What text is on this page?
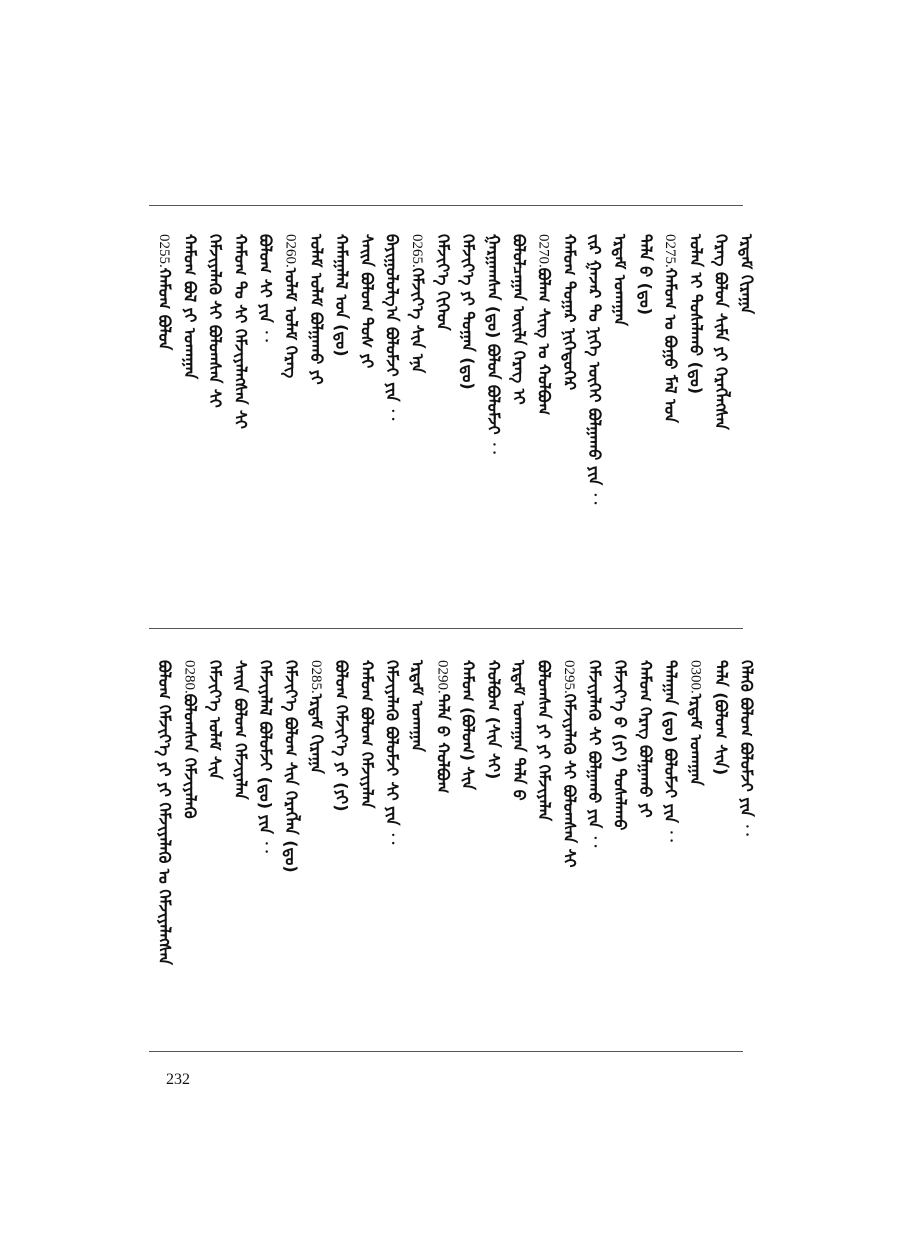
ᠡᠷᠳᠡᠮ ᠬᠢᠷᠠᠭᠠ
ᠬᠡᠷᠡᠭ ᠪᠣᠯᠤᠨ ᠰᠢᠮᠡ ᠶᠢ ᠬᠡᠷᠡᠭᠯᠡᠭᠰᠡᠨ
ᠣᠯᠠᠨ ᠢ ᠲᠤᠰᠠᠯᠠᠬᠤ (ᠳᠤ)
0275.ᠬᠠᠮᠤᠭ ᠤ ᠪᠤᠭᠤ ᠮᠠᠯ ᠤᠨ
ᠲᠠᠯᠠ ᠪ (ᠳᠤ)
ᠡᠷᠳᠡᠮ ᠤᠬᠠᠭᠠᠨ
ᠵᠢᠷ ᠭᠠᠵᠠᠷ ᠲᠤ ᠨᠢᠭᠡ ᠦᠭᠡᠢ ᠪᠣᠯᠭᠠᠬᠤ ᠶᠢᠨ ︰
ᠬᠠᠮᠤᠭ ᠳᠤᠭᠠᠷ ᠨᠢᠭᠡᠳᠦᠭᠡᠷ
0270.ᠪᠤᠯᠠᠭ ᠰᠢᠩ ᠤ ᠬᠣᠯᠪᠣᠭ
ᠪᠣᠯᠤᠯᠴᠠᠭᠠᠨ ᠦᠢᠯᠡ ᠬᠡᠷᠡᠭ ᠢ
ᠭᠠᠷᠭᠠᠭᠰᠠᠨ (ᠳᠤ) ᠪᠣᠯᠤᠨ ᠪᠣᠯᠤᠮᠵᠢ ︰
ᠬᠡᠮᠵᠢᠶ᠎ᠡ ᠶᠢ ᠲᠣᠭᠠᠨ (ᠳᠤ)
ᠬᠡᠮᠵᠢᠶ᠎ᠡ ᠬᠢᠭᠡᠳ
0265.ᠬᠡᠮᠵᠢᠶ᠎ᠡ ᠰᠢᠨ ᠡᠨᠡ
ᠪᠠᠶᠢᠭᠤᠯᠤᠯᠭ᠎ᠠ ᠪᠣᠯᠤᠮᠵᠢ ᠶᠢᠨ ︰
ᠰᠠᠢᠨ ᠪᠤᠯᠤᠭ ᠲᠤᠰ ᠶᠢ
ᠬᠠᠮᠠᠭᠠᠯᠠᠯ ᠤᠨ (ᠳᠤ)
ᠤᠯᠠᠮ ᠤᠯᠠᠮ ᠪᠣᠯᠭᠠᠬᠤ ᠶᠢ
0260.ᠤᠯᠠᠮ ᠤᠯᠠᠮ ᠬᠡᠷᠡᠭ
ᠪᠣᠯᠤᠭ ᠰᠢ ᠶᠢᠨ ︰
ᠬᠠᠮᠤᠭ ᠲᠤ ᠰᠢ ᠬᠡᠮᠵᠢᠶᠡᠯᠡᠭᠰᠡᠨ ᠰᠢ
ᠬᠡᠮᠵᠢᠶᠡᠯᠡᠬᠦ ᠰᠢ ᠪᠣᠯᠤᠭᠰᠠᠨ ᠰᠢ
ᠬᠠᠮᠤᠭ ᠪᠤᠯ ᠶᠢ ᠤᠬᠠᠭᠠᠨ
0255.ᠬᠠᠮᠤᠭ ᠪᠣᠯᠤᠨ
ᠬᠡᠯᠡᠬᠦ ᠪᠣᠯᠤᠭ ᠪᠣᠯᠤᠮᠵᠢ ᠶᠢᠨ ︰
ᠲᠠᠯᠠ (ᠪᠣᠯᠤᠭ ᠰᠢᠨ)
0300.ᠡᠷᠳᠡᠮ ᠤᠬᠠᠭᠠᠨ
ᠲᠠᠯᠠᠭᠠᠨ (ᠳᠤ) ᠪᠣᠯᠤᠮᠵᠢ ᠶᠢᠨ ︰
ᠬᠠᠮᠤᠭ ᠬᠡᠷᠡᠭ ᠪᠣᠯᠭᠠᠬᠤ ᠶᠢ
ᠬᠡᠮᠵᠢᠶ᠎ᠡ ᠪ (ᠶᠢ) ᠲᠤᠰᠠᠯᠠᠬᠤ
ᠬᠡᠮᠵᠢᠶᠡᠯᠡᠬᠦ ᠰᠢ ᠪᠣᠯᠭᠠᠬᠤ ᠶᠢᠨ ︰
0295.ᠬᠡᠮᠵᠢᠶᠡᠯᠡᠬᠦ ᠰᠢ ᠪᠣᠯᠤᠭᠰᠠᠨ ᠰᠢ
ᠪᠣᠯᠤᠭᠰᠠᠨ ᠶᠢ ᠶᠢ ᠬᠡᠮᠵᠢᠶᠡᠯᠡᠨ
ᠡᠷᠳᠡᠮ ᠤᠬᠠᠭᠠᠨ ᠲᠠᠯᠠ ᠪ
ᠬᠣᠯᠪᠣᠭ (ᠰᠢᠨ ᠰᠢ)
ᠬᠠᠮᠤᠭ (ᠪᠣᠯᠤᠭ) ᠰᠢᠨ
0290.ᠲᠠᠯᠠ ᠪ ᠬᠣᠯᠪᠣᠭ
ᠡᠷᠳᠡᠮ ᠤᠬᠠᠭᠠᠨ
ᠬᠡᠮᠵᠢᠶᠡᠯᠡᠬᠦ ᠪᠣᠯᠤᠮᠵᠢ ᠰᠢ ᠶᠢᠨ ︰
ᠬᠠᠮᠤᠭ ᠪᠣᠯᠤᠭ ᠬᠡᠮᠵᠢᠶᠡᠯᠡᠨ
ᠪᠣᠯᠤᠭ ᠬᠡᠮᠵᠢᠶ᠎ᠡ ᠶᠢ (ᠶᠢ)
0285.ᠡᠷᠳᠡᠮ ᠬᠢᠷᠠᠭᠠ
ᠬᠡᠮᠵᠢᠶ᠎ᠡ ᠪᠣᠯᠤᠭ ᠰᠢᠨ ᠬᠡᠷᠡᠭᠯᠡᠨ (ᠳᠤ)
ᠬᠡᠮᠵᠢᠶᠡᠯᠡᠯ ᠪᠣᠯᠤᠮᠵᠢ (ᠳᠤ) ᠶᠢᠨ ︰
ᠰᠠᠢᠨ ᠪᠣᠯᠤᠭ ᠬᠡᠮᠵᠢᠶᠡᠯᠡᠨ
ᠬᠡᠮᠵᠢᠶ᠎ᠡ ᠤᠯᠠᠮ ᠰᠢᠨ
0280.ᠪᠣᠯᠤᠭᠰᠠᠨ ᠬᠡᠮᠵᠢᠶᠡᠯᠡᠬᠦ
ᠪᠣᠯᠤᠭ ᠬᠡᠮᠵᠢᠶ᠎ᠡ ᠶᠢ ᠶᠢ ᠬᠡᠮᠵᠢᠶᠡᠯᠡᠬᠦ ᠤ ᠬᠡᠮᠵᠢᠶᠡᠯᠡᠭᠰᠡᠨ
232
